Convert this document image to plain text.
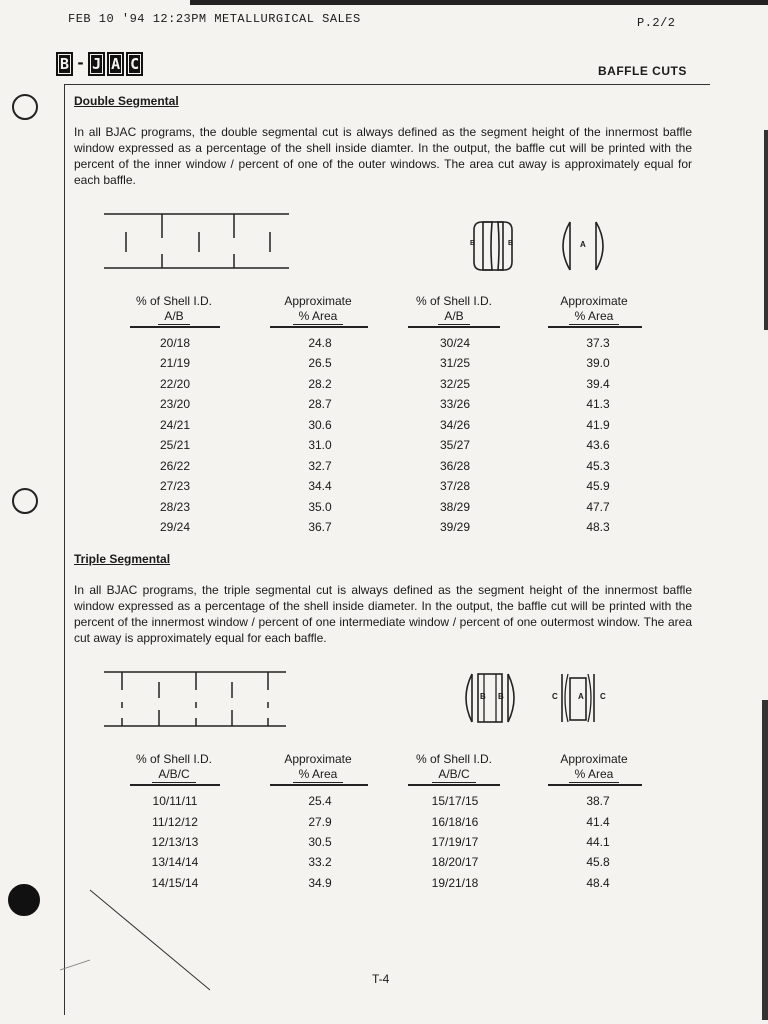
FEB 10 '94 12:23PM METALLURGICAL SALES	P.2/2
B - J A C	BAFFLE CUTS
Double Segmental
In all BJAC programs, the double segmental cut is always defined as the segment height of the innermost baffle window expressed as a percentage of the shell inside diamter. In the output, the baffle cut will be printed with the percent of the inner window / percent of one of the outer windows. The area cut away is approximately equal for each baffle.
B	B	A
% of Shell I.D.
A/B
Approximate
% Area
% of Shell I.D.
A/B
Approximate
% Area
20/18	24.8	30/24	37.3
21/19	26.5	31/25	39.0
22/20	28.2	32/25	39.4
23/20	28.7	33/26	41.3
24/21	30.6	34/26	41.9
25/21	31.0	35/27	43.6
26/22	32.7	36/28	45.3
27/23	34.4	37/28	45.9
28/23	35.0	38/29	47.7
29/24	36.7	39/29	48.3
Triple Segmental
In all BJAC programs, the triple segmental cut is always defined as the segment height of the innermost baffle window expressed as a percentage of the shell inside diameter. In the output, the baffle cut will be printed with the percent of the innermost window / percent of one intermediate window / percent of one outermost window. The area cut away is approximately equal for each baffle.
B B	C	A C
% of Shell I.D.
A/B/C
Approximate
% Area
% of Shell I.D.
A/B/C
Approximate
% Area
10/11/11	25.4	15/17/15	38.7
11/12/12	27.9	16/18/16	41.4
12/13/13	30.5	17/19/17	44.1
13/14/14	33.2	18/20/17	45.8
14/15/14	34.9	19/21/18	48.4
T-4
